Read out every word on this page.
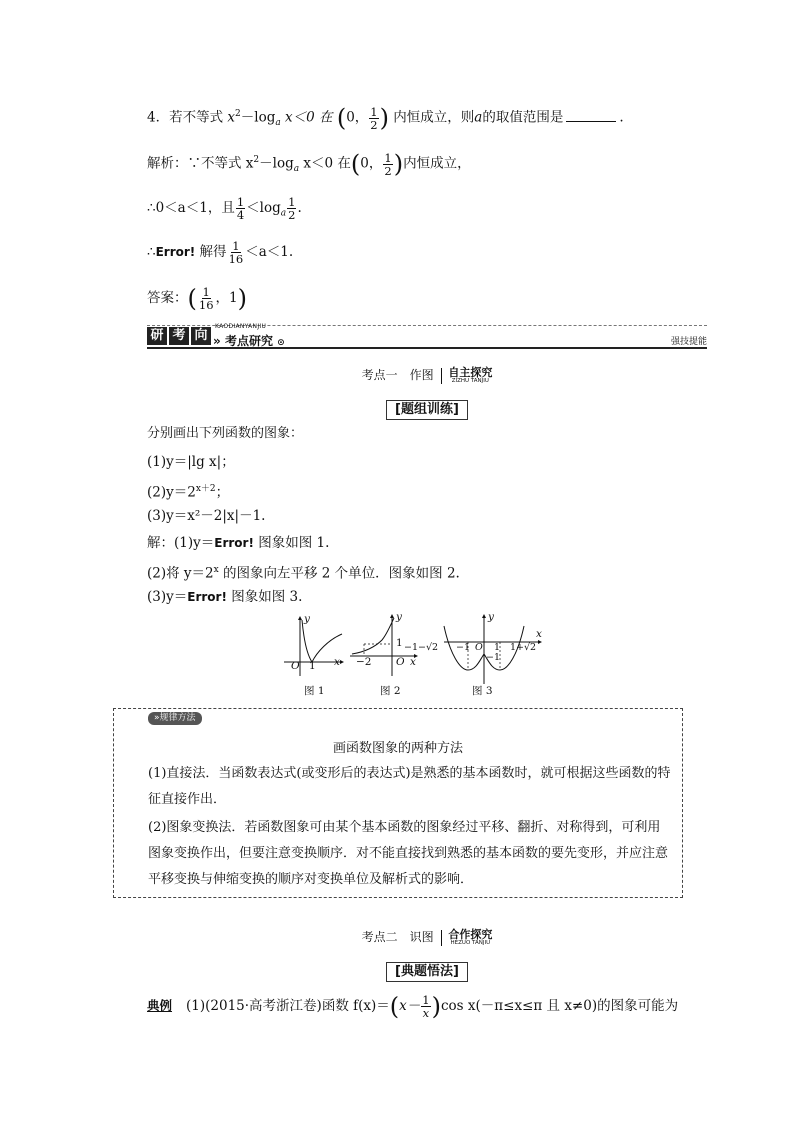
4．若不等式 $x^2-\log_a$ x＜0 在 (0， $\frac{1}{2}$ ) 内恒成立，则a的取值范围是	.
解析：∵不等式 $x^2-\log_a$ x＜0 在(0， $\frac{1}{2}$ )内恒成立，
∴0＜a＜1，且 $\frac{1}{4} <\log_a \frac{1}{2}$ .
∴Error! 解得 $\frac{1}{16} <a<1$.
答案：( $\frac{1}{16}$ ，1)
研 考 向
KAODIANYANJIU
» 考点研究 ⊙	强技提能
考点一　作图 自主探究
ZIZHU TANJIU
[题组训练]
分别画出下列函数的图象：
(1)y＝|lg x|；
$(2)y=2^{x+2}$；
(3)y＝x²－2|x|－1.
解：(1)y＝Error! 图象如图 1.
(2)将 $y=2^x$ 的图象向左平移 2 个单位．图象如图 2.
(3)y＝Error! 图象如图 3.
y
x
O 1
图 1
y
x
O
1
−2
图 2
y
x
−1−√2 −1 O 1
−1
1+√2
图 3
»规律方法
画函数图象的两种方法
(1)直接法．当函数表达式(或变形后的表达式)是熟悉的基本函数时，就可根据这些函数的特征直接作出．
(2)图象变换法．若函数图象可由某个基本函数的图象经过平移、翻折、对称得到，可利用图象变换作出，但要注意变换顺序．对不能直接找到熟悉的基本函数的要先变形，并应注意平移变换与伸缩变换的顺序对变换单位及解析式的影响．
考点二　识图 合作探究
HEZUO TANJIU
[典题悟法]
典例 (1)(2015·高考浙江卷)函数 $f(x)=(x- \frac{1}{x} )\cos$ x(－π≤x≤π 且 x≠0)的图象可能为
